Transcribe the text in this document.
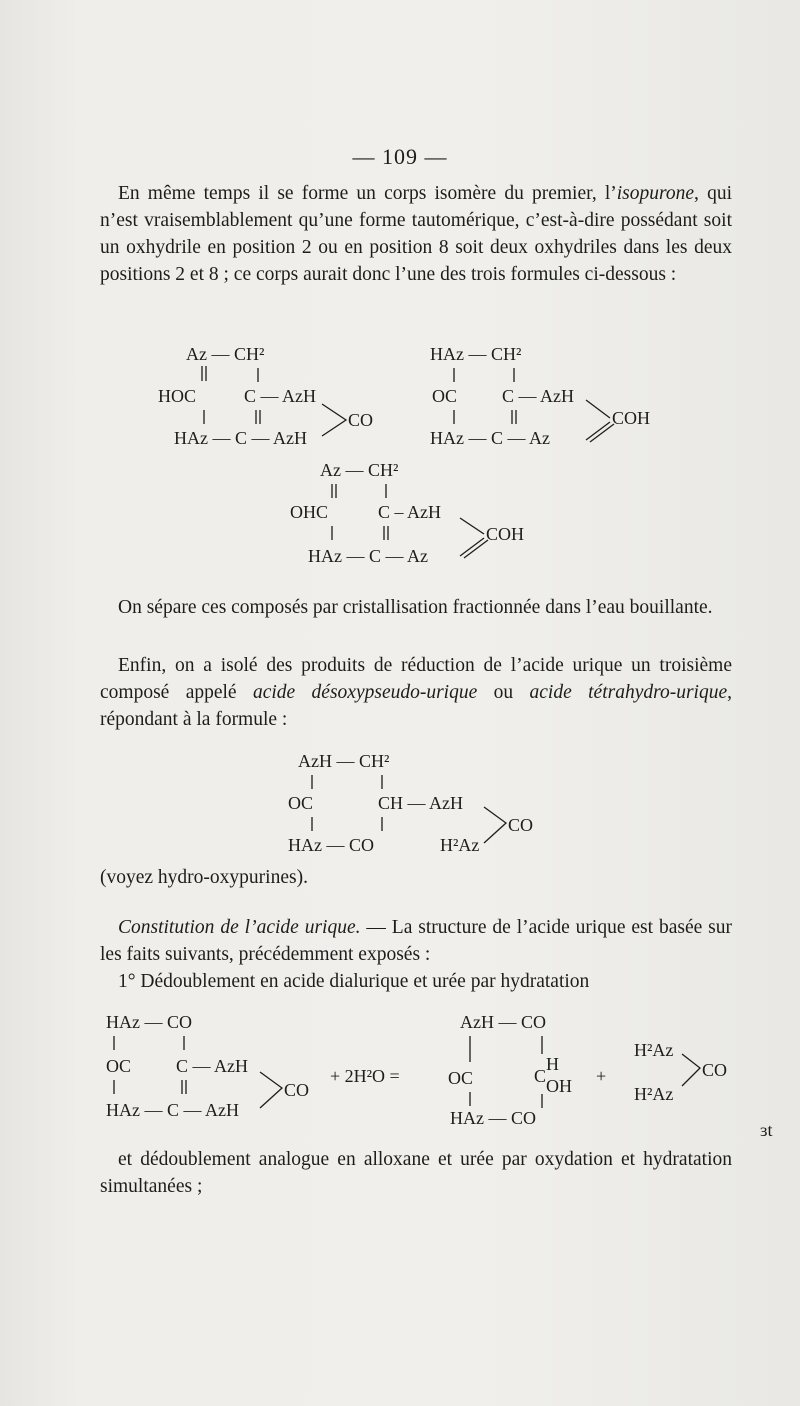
— 109 —

En même temps il se forme un corps isomère du premier, l’isopurone, qui n’est vraisemblablement qu’une forme tautomérique, c’est-à-dire possédant soit un oxhydrile en position 2 ou en position 8 soit deux oxhydriles dans les deux positions 2 et 8 ; ce corps aurait donc l’une des trois formules ci-dessous :

Az — CH²
HOC	C — AzH
CO
HAz — C — AzH
HAz — CH²
OC C — AzH
COH
HAz — C — Az
Az — CH²
OHC	C – AzH
COH
HAz — C — Az

On sépare ces composés par cristallisation fractionnée dans l’eau bouillante.

Enfin, on a isolé des produits de réduction de l’acide urique un troisième composé appelé acide désoxypseudo-urique ou acide tétrahydro-urique, répondant à la formule :

AzH — CH²
OC	CH — AzH
CO
HAz — CO	H²Az

(voyez hydro-oxypurines).

Constitution de l’acide urique. — La structure de l’acide urique est basée sur les faits suivants, précédemment exposés :

1° Dédoublement en acide dialurique et urée par hydratation

HAz — CO
OC C — AzH
CO
HAz — C — AzH
+ 2H²O =
AzH — CO
OC	C
H
OH
HAz — CO
+
H²Az
CO
H²Az
ɜt

et dédoublement analogue en alloxane et urée par oxydation et hydratation simultanées ;
